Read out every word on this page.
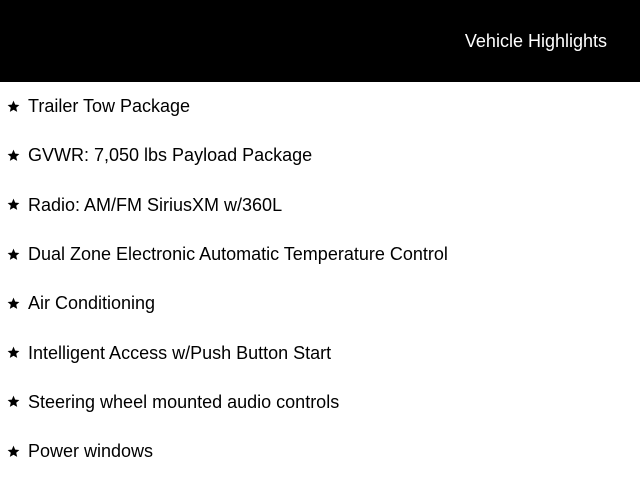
Vehicle Highlights
Trailer Tow Package
GVWR: 7,050 lbs Payload Package
Radio: AM/FM SiriusXM w/360L
Dual Zone Electronic Automatic Temperature Control
Air Conditioning
Intelligent Access w/Push Button Start
Steering wheel mounted audio controls
Power windows
